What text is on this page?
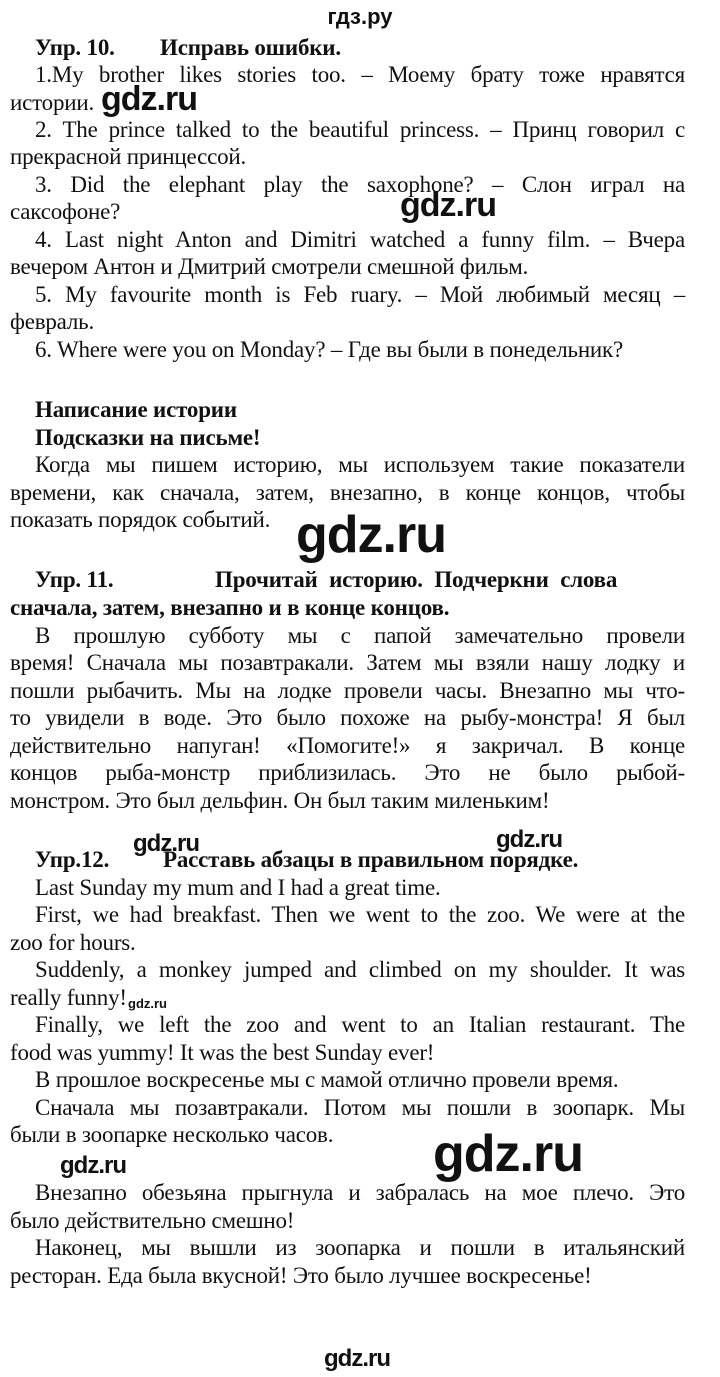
гдз.ру
Упр. 10. Исправь ошибки.
1.My brother likes stories too. – Моему брату тоже нравятся
истории.
2. The prince talked to the beautiful princess. – Принц говорил с
прекрасной принцессой.
3. Did the elephant play the saxophone? – Слон играл на
саксофоне?
4. Last night Anton and Dimitri watched a funny film. – Вчера
вечером Антон и Дмитрий смотрели смешной фильм.
5. My favourite month is Feb ruary. – Мой любимый месяц –
февраль.
6. Where were you on Monday? – Где вы были в понедельник?
Написание истории
Подсказки на письме!
Когда мы пишем историю, мы используем такие показатели
времени, как сначала, затем, внезапно, в конце концов, чтобы
показать порядок событий.
Упр. 11.	Прочитай историю. Подчеркни слова
сначала, затем, внезапно и в конце концов.
В прошлую субботу мы с папой замечательно провели
время! Сначала мы позавтракали. Затем мы взяли нашу лодку и
пошли рыбачить. Мы на лодке провели часы. Внезапно мы что-
то увидели в воде. Это было похоже на рыбу-монстра! Я был
действительно напуган! «Помогите!» я закричал. В конце
концов рыба-монстр приблизилась. Это не было рыбой-
монстром. Это был дельфин. Он был таким миленьким!
Упр.12. Расставь абзацы в правильном порядке.
Last Sunday my mum and I had a great time.
First, we had breakfast. Then we went to the zoo. We were at the
zoo for hours.
Suddenly, a monkey jumped and climbed on my shoulder. It was
really funny!
Finally, we left the zoo and went to an Italian restaurant. The
food was yummy! It was the best Sunday ever!
В прошлое воскресенье мы с мамой отлично провели время.
Сначала мы позавтракали. Потом мы пошли в зоопарк. Мы
были в зоопарке несколько часов.
Внезапно обезьяна прыгнула и забралась на мое плечо. Это
было действительно смешно!
Наконец, мы вышли из зоопарка и пошли в итальянский
ресторан. Еда была вкусной! Это было лучшее воскресенье!
gdz.ru
gdz.ru
gdz.ru
gdz.ru	gdz.ru
gdz.ru
gdz.ru
gdz.ru
gdz.ru
